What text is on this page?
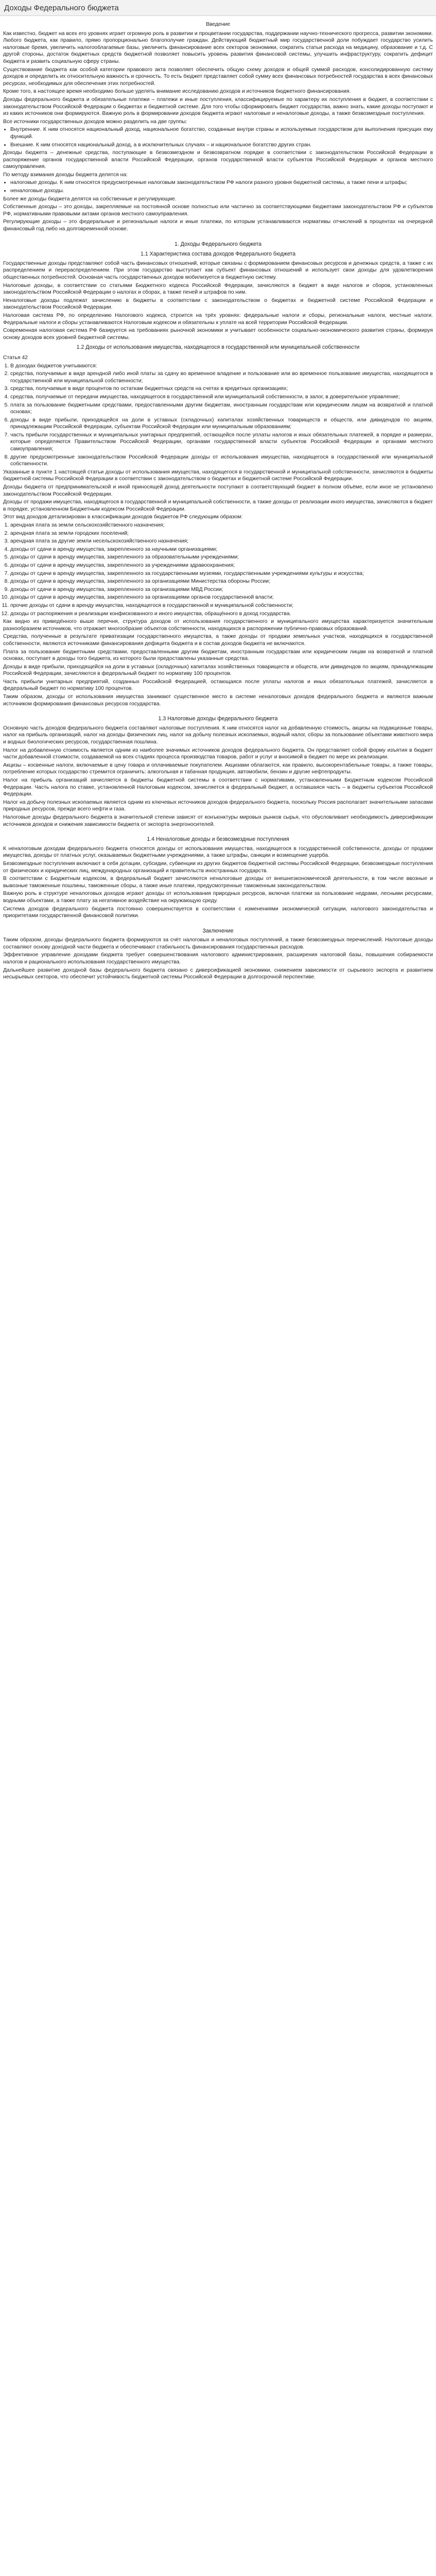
Доходы Федерального бюджета
Введение

Как известно, бюджет на всех его уровнях играет огромную роль в развитии и процветании государства, поддержании научно-технического прогресса, развитии экономики. Любого бюджета, как правило, прямо пропорционально благополучие граждан. Действующий бюджетный мир государственной доли побуждает государство усилить налоговые бремя, увеличить налогооблагаемые базы, увеличить финансирование всех секторов экономики, сократить статьи расхода на медицину, образование и т.д. С другой стороны, достаток бюджетных средств бюджетной позволяет повысить уровень развития финансовой системы, улучшить инфраструктуру, сократить дефицит бюджета и развить социальную сферу страны.

Существование бюджета как особой категории правового акта позволяет обеспечить общую схему доходов и общей суммой расходов, консолидированную систему доходов и определить их относительную важность и срочность. То есть бюджет представляет собой сумму всех финансовых потребностей государства в всех финансовых ресурсах, необходимых для обеспечения этих потребностей.

Кроме того, в настоящее время необходимо больше уделять внимание исследованию доходов и источников бюджетного финансирования.

Доходы федерального бюджета и обязательные платежи – платежи и иные поступления, классифицируемые по характеру их поступления в бюджет, в соответствии с законодательством Российской Федерации о бюджетах и бюджетной системе. Для того чтобы сформировать бюджет государства, важно знать, какие доходы поступают и из каких источников они формируются. Важную роль в формировании доходов бюджета играют налоговые и неналоговые доходы, а также безвозмездные поступления.

Все источники государственных доходов можно разделить на две группы:

• Внутренние. К ним относятся национальный доход, национальное богатство, созданные внутри страны и используемые государством для выполнения присущих ему функций.
• Внешние. К ним относятся национальный доход, а в исключительных случаях – и национальное богатство других стран.

Доходы бюджета – денежные средства, поступающие в безвозмездном и безвозвратном порядке в соответствии с законодательством Российской Федерации в распоряжение органов государственной власти Российской Федерации, органов государственной власти субъектов Российской Федерации и органов местного самоуправления.

По методу взимания доходы бюджета делятся на:

• налоговые доходы. К ним относятся предусмотренные налоговым законодательством РФ налоги разного уровня бюджетной системы, а также пени и штрафы;
• неналоговые доходы.

Более же доходы бюджета делятся на собственные и регулирующие.

Собственные доходы – это доходы, закрепляемые на постоянной основе полностью или частично за соответствующими бюджетами законодательством РФ и субъектов РФ, нормативными правовыми актами органов местного самоуправления.

Регулирующие доходы – это федеральные и региональные налоги и иные платежи, по которым устанавливаются нормативы отчислений в процентах на очередной финансовый год либо на долговременной основе.

1. Доходы Федерального бюджета
1.1 Характеристика состава доходов Федерального бюджета

Государственные доходы представляют собой часть финансовых отношений, которые связаны с формированием финансовых ресурсов и денежных средств, а также с их распределением и перераспределением. При этом государство выступает как субъект финансовых отношений и использует свои доходы для удовлетворения общественных потребностей. Основная часть государственных доходов мобилизуется в бюджетную систему.

Налоговые доходы, в соответствии со статьями Бюджетного кодекса Российской Федерации, зачисляются в бюджет в виде налогов и сборов, установленных законодательством Российской Федерации о налогах и сборах, а также пеней и штрафов по ним.

Неналоговые доходы подлежат зачислению в бюджеты в соответствии с законодательством о бюджетах и бюджетной системе Российской Федерации и законодательством Российской Федерации.

Налоговая система РФ, по определению Налогового кодекса, строится на трёх уровнях: федеральные налоги и сборы, региональные налоги, местные налоги. Федеральные налоги и сборы устанавливаются Налоговым кодексом и обязательны к уплате на всей территории Российской Федерации.

Современная налоговая система РФ базируется на требованиях рыночной экономики и учитывает особенности социально-экономического развития страны, формируя основу доходов всех уровней бюджетной системы.

1.2 Доходы от использования имущества, находящегося в государственной или муниципальной собственности
Статья 42
1. В доходах бюджетов учитываются:
2. средства, получаемые в виде арендной либо иной платы за сдачу во временное владение и пользование или во временное пользование имущества, находящегося в государственной или муниципальной собственности;
3. средства, получаемые в виде процентов по остаткам бюджетных средств на счетах в кредитных организациях;
4. средства, получаемые от передачи имущества, находящегося в государственной или муниципальной собственности, в залог, в доверительное управление;
5. плата за пользование бюджетными средствами, предоставленными другим бюджетам, иностранным государствам или юридическим лицам на возвратной и платной основах;
6. доходы в виде прибыли, приходящейся на доли в уставных (складочных) капиталах хозяйственных товариществ и обществ, или дивидендов по акциям, принадлежащим Российской Федерации, субъектам Российской Федерации или муниципальным образованиям;
7. часть прибыли государственных и муниципальных унитарных предприятий, остающейся после уплаты налогов и иных обязательных платежей, в порядке и размерах, которые определяются Правительством Российской Федерации, органами государственной власти субъектов Российской Федерации и органами местного самоуправления;
8. другие предусмотренные законодательством Российской Федерации доходы от использования имущества, находящегося в государственной или муниципальной собственности.

Указанные в пункте 1 настоящей статьи доходы от использования имущества, находящегося в государственной и муниципальной собственности, зачисляются в бюджеты бюджетной системы Российской Федерации в соответствии с законодательством о бюджетах и бюджетной системе Российской Федерации.

Доходы бюджета от предпринимательской и иной приносящей доход деятельности поступают в соответствующий бюджет в полном объёме, если иное не установлено законодательством Российской Федерации.

Доходы от продажи имущества, находящегося в государственной и муниципальной собственности, а также доходы от реализации иного имущества, зачисляются в бюджет в порядке, установленном Бюджетным кодексом Российской Федерации.

Этот вид доходов детализирован в классификации доходов бюджетов РФ следующим образом:

1. арендная плата за земли сельскохозяйственного назначения;
2. арендная плата за земли городских поселений;
3. арендная плата за другие земли несельскохозяйственного назначения;
4. доходы от сдачи в аренду имущества, закрепленного за научными организациями;
5. доходы от сдачи в аренду имущества, закрепленного за образовательными учреждениями;
6. доходы от сдачи в аренду имущества, закрепленного за учреждениями здравоохранения;
7. доходы от сдачи в аренду имущества, закрепленного за государственными музеями, государственными учреждениями культуры и искусства;
8. доходы от сдачи в аренду имущества, закрепленного за организациями Министерства обороны России;
9. доходы от сдачи в аренду имущества, закрепленного за организациями МВД России;
10. доходы от сдачи в аренду имущества, закрепленного за организациями органов государственной власти;
11. прочие доходы от сдачи в аренду имущества, находящегося в государственной и муниципальной собственности;
12. доходы от распоряжения и реализации конфискованного и иного имущества, обращённого в доход государства.

Как видно из приведённого выше перечня, структура доходов от использования государственного и муниципального имущества характеризуется значительным разнообразием источников, что отражает многообразие объектов собственности, находящихся в распоряжении публично-правовых образований.

Средства, полученные в результате приватизации государственного имущества, а также доходы от продажи земельных участков, находящихся в государственной собственности, являются источниками финансирования дефицита бюджета и в состав доходов бюджета не включаются.

Плата за пользование бюджетными средствами, предоставленными другим бюджетам, иностранным государствам или юридическим лицам на возвратной и платной основах, поступает в доходы того бюджета, из которого были предоставлены указанные средства.

Доходы в виде прибыли, приходящейся на доли в уставных (складочных) капиталах хозяйственных товариществ и обществ, или дивидендов по акциям, принадлежащим Российской Федерации, зачисляются в федеральный бюджет по нормативу 100 процентов.

Часть прибыли унитарных предприятий, созданных Российской Федерацией, остающаяся после уплаты налогов и иных обязательных платежей, зачисляется в федеральный бюджет по нормативу 100 процентов.

Таким образом, доходы от использования имущества занимают существенное место в системе неналоговых доходов федерального бюджета и являются важным источником формирования финансовых ресурсов государства.

1.3 Налоговые доходы федерального бюджета

Основную часть доходов федерального бюджета составляют налоговые поступления. К ним относятся налог на добавленную стоимость, акцизы на подакцизные товары, налог на прибыль организаций, налог на доходы физических лиц, налог на добычу полезных ископаемых, водный налог, сборы за пользование объектами животного мира и водных биологических ресурсов, государственная пошлина.

Налог на добавленную стоимость является одним из наиболее значимых источников доходов федерального бюджета. Он представляет собой форму изъятия в бюджет части добавленной стоимости, создаваемой на всех стадиях процесса производства товаров, работ и услуг и вносимой в бюджет по мере их реализации.

Акцизы – косвенные налоги, включаемые в цену товара и оплачиваемые покупателем. Акцизами облагаются, как правило, высокорентабельные товары, а также товары, потребление которых государство стремится ограничить: алкогольная и табачная продукция, автомобили, бензин и другие нефтепродукты.

Налог на прибыль организаций зачисляется в бюджеты бюджетной системы в соответствии с нормативами, установленными Бюджетным кодексом Российской Федерации. Часть налога по ставке, установленной Налоговым кодексом, зачисляется в федеральный бюджет, а оставшаяся часть – в бюджеты субъектов Российской Федерации.

Налог на добычу полезных ископаемых является одним из ключевых источников доходов федерального бюджета, поскольку Россия располагает значительными запасами природных ресурсов, прежде всего нефти и газа.

Налоговые доходы федерального бюджета в значительной степени зависят от конъюнктуры мировых рынков сырья, что обусловливает необходимость диверсификации источников доходов и снижения зависимости бюджета от экспорта энергоносителей.

1.4 Неналоговые доходы и безвозмездные поступления

К неналоговым доходам федерального бюджета относятся доходы от использования имущества, находящегося в государственной собственности, доходы от продажи имущества, доходы от платных услуг, оказываемых бюджетными учреждениями, а также штрафы, санкции и возмещение ущерба.

Безвозмездные поступления включают в себя дотации, субсидии, субвенции из других бюджетов бюджетной системы Российской Федерации, безвозмездные поступления от физических и юридических лиц, международных организаций и правительств иностранных государств.

В соответствии с Бюджетным кодексом, в федеральный бюджет зачисляются неналоговые доходы от внешнеэкономической деятельности, в том числе ввозные и вывозные таможенные пошлины, таможенные сборы, а также иные платежи, предусмотренные таможенным законодательством.

Важную роль в структуре неналоговых доходов играют доходы от использования природных ресурсов, включая платежи за пользование недрами, лесными ресурсами, водными объектами, а также плату за негативное воздействие на окружающую среду.

Система доходов федерального бюджета постоянно совершенствуется в соответствии с изменениями экономической ситуации, налогового законодательства и приоритетами государственной финансовой политики.

Заключение

Таким образом, доходы федерального бюджета формируются за счёт налоговых и неналоговых поступлений, а также безвозмездных перечислений. Налоговые доходы составляют основу доходной части бюджета и обеспечивают стабильность финансирования государственных расходов.

Эффективное управление доходами бюджета требует совершенствования налогового администрирования, расширения налоговой базы, повышения собираемости налогов и рационального использования государственного имущества.

Дальнейшее развитие доходной базы федерального бюджета связано с диверсификацией экономики, снижением зависимости от сырьевого экспорта и развитием несырьевых секторов, что обеспечит устойчивость бюджетной системы Российской Федерации в долгосрочной перспективе.
